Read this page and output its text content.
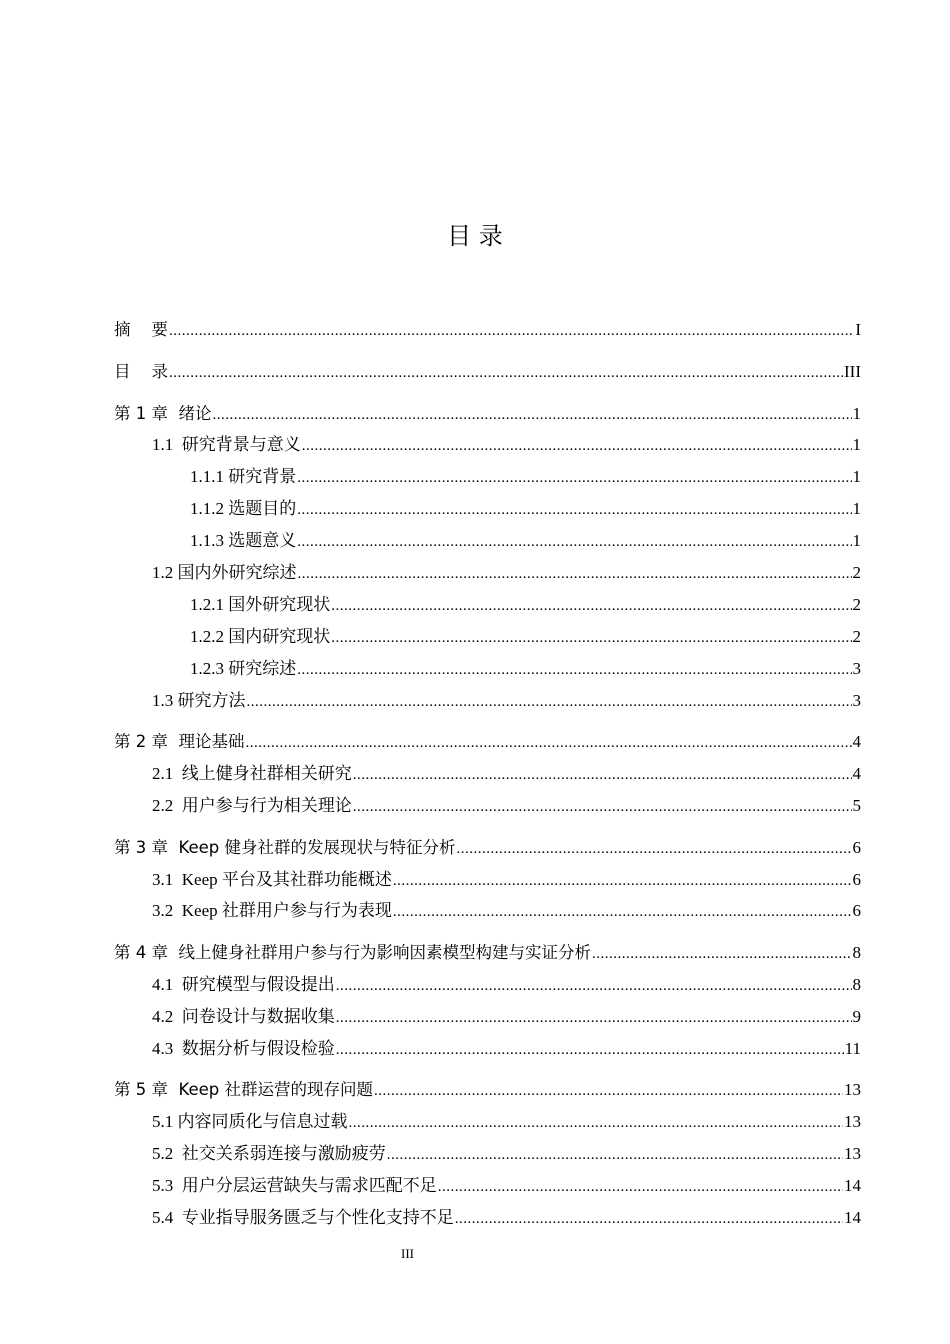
目 录
摘    要 .....	I
目    录 .....	III
第 1 章  绪论 .....	1
1.1  研究背景与意义 .....	1
1.1.1 研究背景 .....	1
1.1.2 选题目的 .....	1
1.1.3 选题意义 .....	1
1.2 国内外研究综述 .....	2
1.2.1 国外研究现状 .....	2
1.2.2 国内研究现状 .....	2
1.2.3 研究综述 .....	3
1.3 研究方法 .....	3
第 2 章  理论基础 .....	4
2.1  线上健身社群相关研究 .....	4
2.2  用户参与行为相关理论 .....	5
第 3 章  Keep 健身社群的发展现状与特征分析 .....	6
3.1  Keep 平台及其社群功能概述 .....	6
3.2  Keep 社群用户参与行为表现 .....	6
第 4 章  线上健身社群用户参与行为影响因素模型构建与实证分析 .....	8
4.1  研究模型与假设提出 .....	8
4.2  问卷设计与数据收集 .....	9
4.3  数据分析与假设检验 .....	11
第 5 章  Keep 社群运营的现存问题 .....	13
5.1 内容同质化与信息过载 .....	13
5.2  社交关系弱连接与激励疲劳 .....	13
5.3  用户分层运营缺失与需求匹配不足 .....	14
5.4  专业指导服务匮乏与个性化支持不足 .....	14
III
